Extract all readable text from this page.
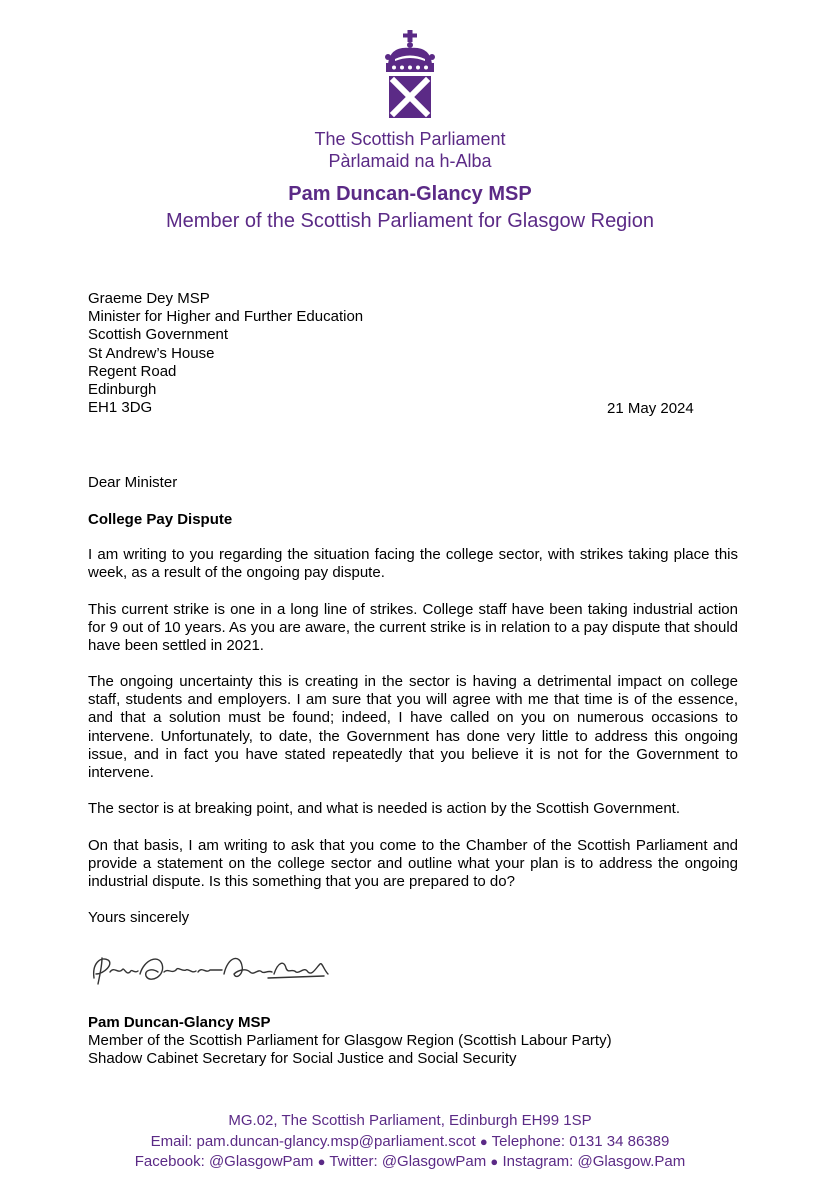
The Scottish Parliament
Pàrlamaid na h-Alba
Pam Duncan-Glancy MSP
Member of the Scottish Parliament for Glasgow Region
Graeme Dey MSP
Minister for Higher and Further Education
Scottish Government
St Andrew’s House
Regent Road
Edinburgh
EH1 3DG	21 May 2024
Dear Minister
College Pay Dispute
I am writing to you regarding the situation facing the college sector, with strikes taking place this week, as a result of the ongoing pay dispute.
This current strike is one in a long line of strikes. College staff have been taking industrial action for 9 out of 10 years. As you are aware, the current strike is in relation to a pay dispute that should have been settled in 2021.
The ongoing uncertainty this is creating in the sector is having a detrimental impact on college staff, students and employers. I am sure that you will agree with me that time is of the essence, and that a solution must be found; indeed, I have called on you on numerous occasions to intervene. Unfortunately, to date, the Government has done very little to address this ongoing issue, and in fact you have stated repeatedly that you believe it is not for the Government to intervene.
The sector is at breaking point, and what is needed is action by the Scottish Government.
On that basis, I am writing to ask that you come to the Chamber of the Scottish Parliament and provide a statement on the college sector and outline what your plan is to address the ongoing industrial dispute. Is this something that you are prepared to do?
Yours sincerely
Pam Duncan-Glancy
Pam Duncan-Glancy MSP
Member of the Scottish Parliament for Glasgow Region (Scottish Labour Party)
Shadow Cabinet Secretary for Social Justice and Social Security
MG.02, The Scottish Parliament, Edinburgh EH99 1SP
Email: pam.duncan-glancy.msp@parliament.scot ● Telephone: 0131 34 86389
Facebook: @GlasgowPam ● Twitter: @GlasgowPam ● Instagram: @Glasgow.Pam
